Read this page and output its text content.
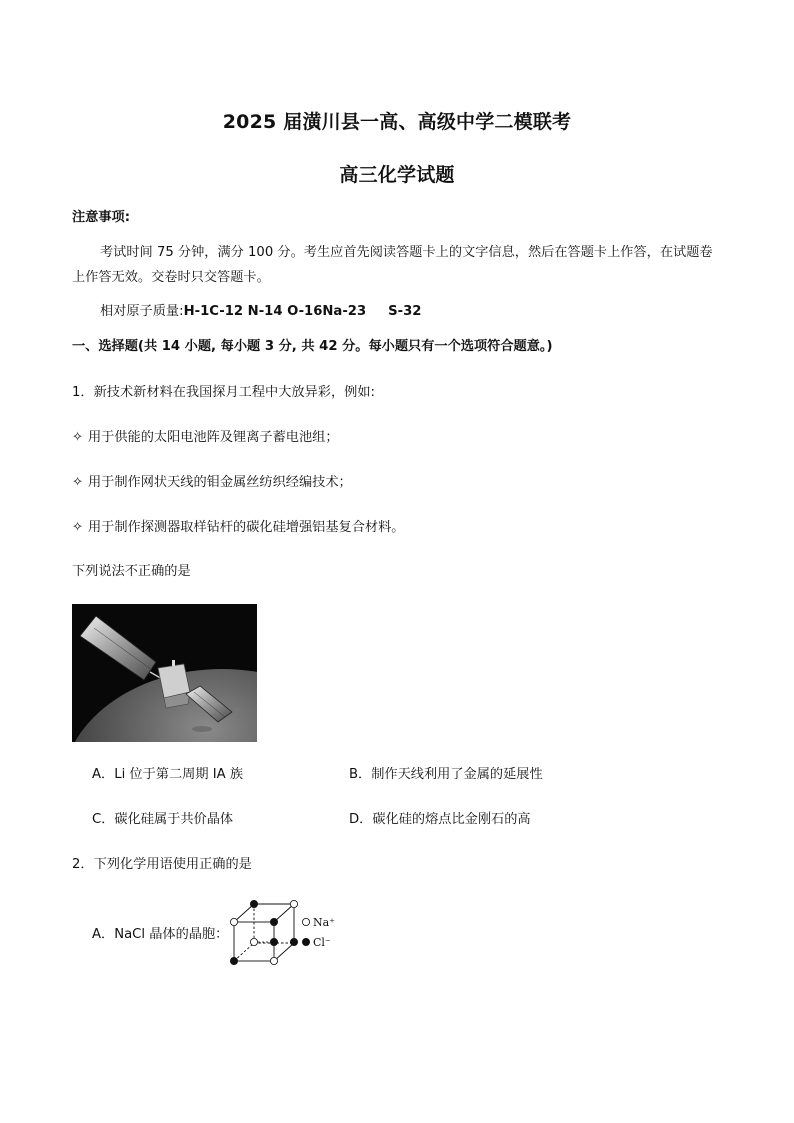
2025 届潢川县一高、高级中学二模联考
高三化学试题
注意事项:
考试时间 75 分钟，满分 100 分。考生应首先阅读答题卡上的文字信息，然后在答题卡上作答，在试题卷上作答无效。交卷时只交答题卡。
相对原子质量:H-1C-12 N-14 O-16Na-23 S-32
一、选择题(共 14 小题, 每小题 3 分, 共 42 分。每小题只有一个选项符合题意。)
1．新技术新材料在我国探月工程中大放异彩，例如:
✧ 用于供能的太阳电池阵及锂离子蓄电池组；
✧ 用于制作网状天线的钼金属丝纺织经编技术；
✧ 用于制作探测器取样钻杆的碳化硅增强铝基复合材料。
下列说法不正确的是
A．Li 位于第二周期 IA 族	B．制作天线利用了金属的延展性
C．碳化硅属于共价晶体	D．碳化硅的熔点比金刚石的高
2．下列化学用语使用正确的是
A．NaCl 晶体的晶胞：
Na⁺
Cl⁻
